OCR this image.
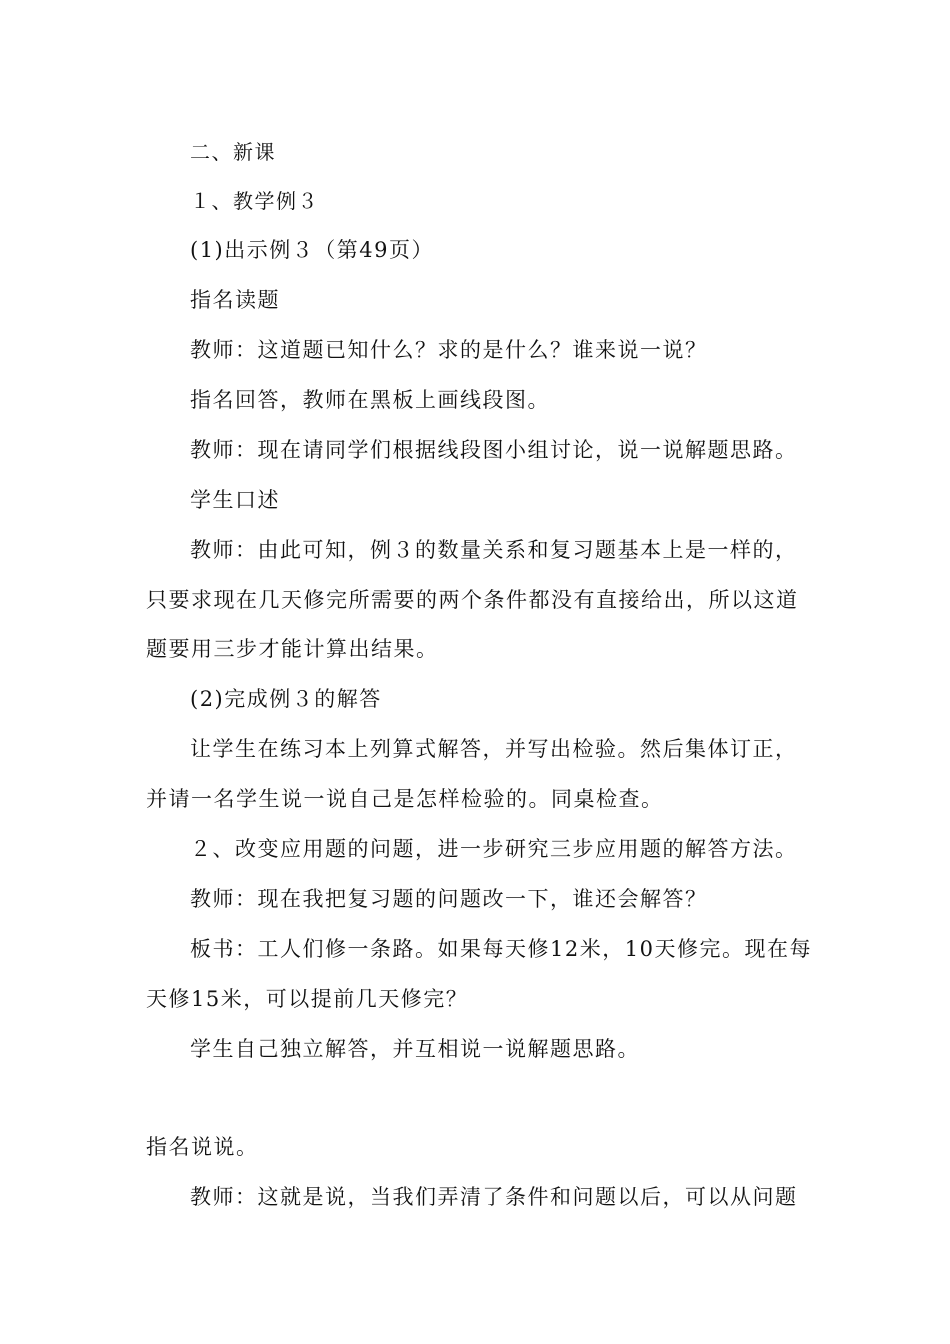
二、新课
１、教学例３
(1)出示例３（第49页）
指名读题
教师：这道题已知什么？求的是什么？谁来说一说？
指名回答，教师在黑板上画线段图。
教师：现在请同学们根据线段图小组讨论，说一说解题思路。
学生口述
教师：由此可知，例３的数量关系和复习题基本上是一样的，
只要求现在几天修完所需要的两个条件都没有直接给出，所以这道
题要用三步才能计算出结果。
(2)完成例３的解答
让学生在练习本上列算式解答，并写出检验。然后集体订正，
并请一名学生说一说自己是怎样检验的。同桌检查。
２、改变应用题的问题，进一步研究三步应用题的解答方法。
教师：现在我把复习题的问题改一下，谁还会解答？
板书：工人们修一条路。如果每天修12米，10天修完。现在每
天修15米，可以提前几天修完？
学生自己独立解答，并互相说一说解题思路。
指名说说。
教师：这就是说，当我们弄清了条件和问题以后，可以从问题
